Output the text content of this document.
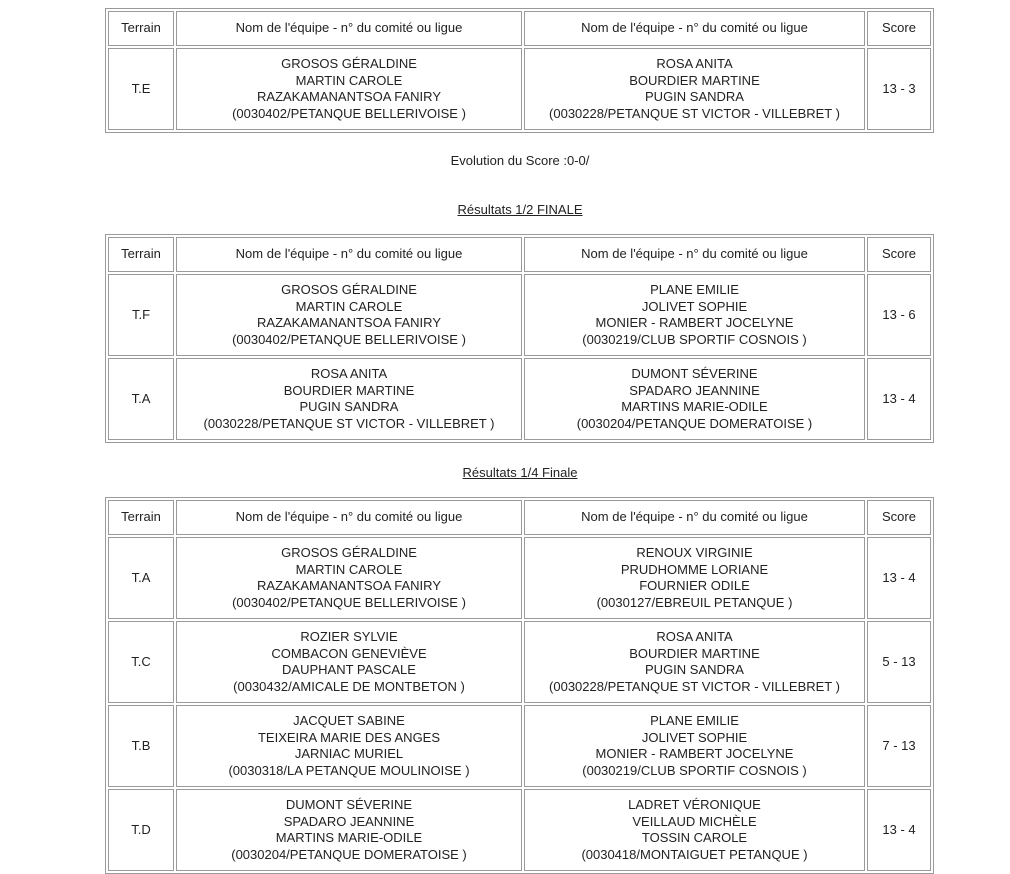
Terrain	Nom de l'équipe - n° du comité ou ligue	Nom de l'équipe - n° du comité ou ligue	Score
T.E	GROSOS GÉRALDINE
MARTIN CAROLE
RAZAKAMANANTSOA FANIRY
(0030402/PETANQUE BELLERIVOISE )	ROSA ANITA
BOURDIER MARTINE
PUGIN SANDRA
(0030228/PETANQUE ST VICTOR - VILLEBRET )	13 - 3
Evolution du Score :0-0/
Résultats 1/2 FINALE
Terrain	Nom de l'équipe - n° du comité ou ligue	Nom de l'équipe - n° du comité ou ligue	Score
T.F	GROSOS GÉRALDINE
MARTIN CAROLE
RAZAKAMANANTSOA FANIRY
(0030402/PETANQUE BELLERIVOISE )	PLANE EMILIE
JOLIVET SOPHIE
MONIER - RAMBERT JOCELYNE
(0030219/CLUB SPORTIF COSNOIS )	13 - 6
T.A	ROSA ANITA
BOURDIER MARTINE
PUGIN SANDRA
(0030228/PETANQUE ST VICTOR - VILLEBRET )	DUMONT SÉVERINE
SPADARO JEANNINE
MARTINS MARIE-ODILE
(0030204/PETANQUE DOMERATOISE )	13 - 4
Résultats 1/4 Finale
Terrain	Nom de l'équipe - n° du comité ou ligue	Nom de l'équipe - n° du comité ou ligue	Score
T.A	GROSOS GÉRALDINE
MARTIN CAROLE
RAZAKAMANANTSOA FANIRY
(0030402/PETANQUE BELLERIVOISE )	RENOUX VIRGINIE
PRUDHOMME LORIANE
FOURNIER ODILE
(0030127/EBREUIL PETANQUE )	13 - 4
T.C	ROZIER SYLVIE
COMBACON GENEVIÈVE
DAUPHANT PASCALE
(0030432/AMICALE DE MONTBETON )	ROSA ANITA
BOURDIER MARTINE
PUGIN SANDRA
(0030228/PETANQUE ST VICTOR - VILLEBRET )	5 - 13
T.B	JACQUET SABINE
TEIXEIRA MARIE DES ANGES
JARNIAC MURIEL
(0030318/LA PETANQUE MOULINOISE )	PLANE EMILIE
JOLIVET SOPHIE
MONIER - RAMBERT JOCELYNE
(0030219/CLUB SPORTIF COSNOIS )	7 - 13
T.D	DUMONT SÉVERINE
SPADARO JEANNINE
MARTINS MARIE-ODILE
(0030204/PETANQUE DOMERATOISE )	LADRET VÉRONIQUE
VEILLAUD MICHÈLE
TOSSIN CAROLE
(0030418/MONTAIGUET PETANQUE )	13 - 4
